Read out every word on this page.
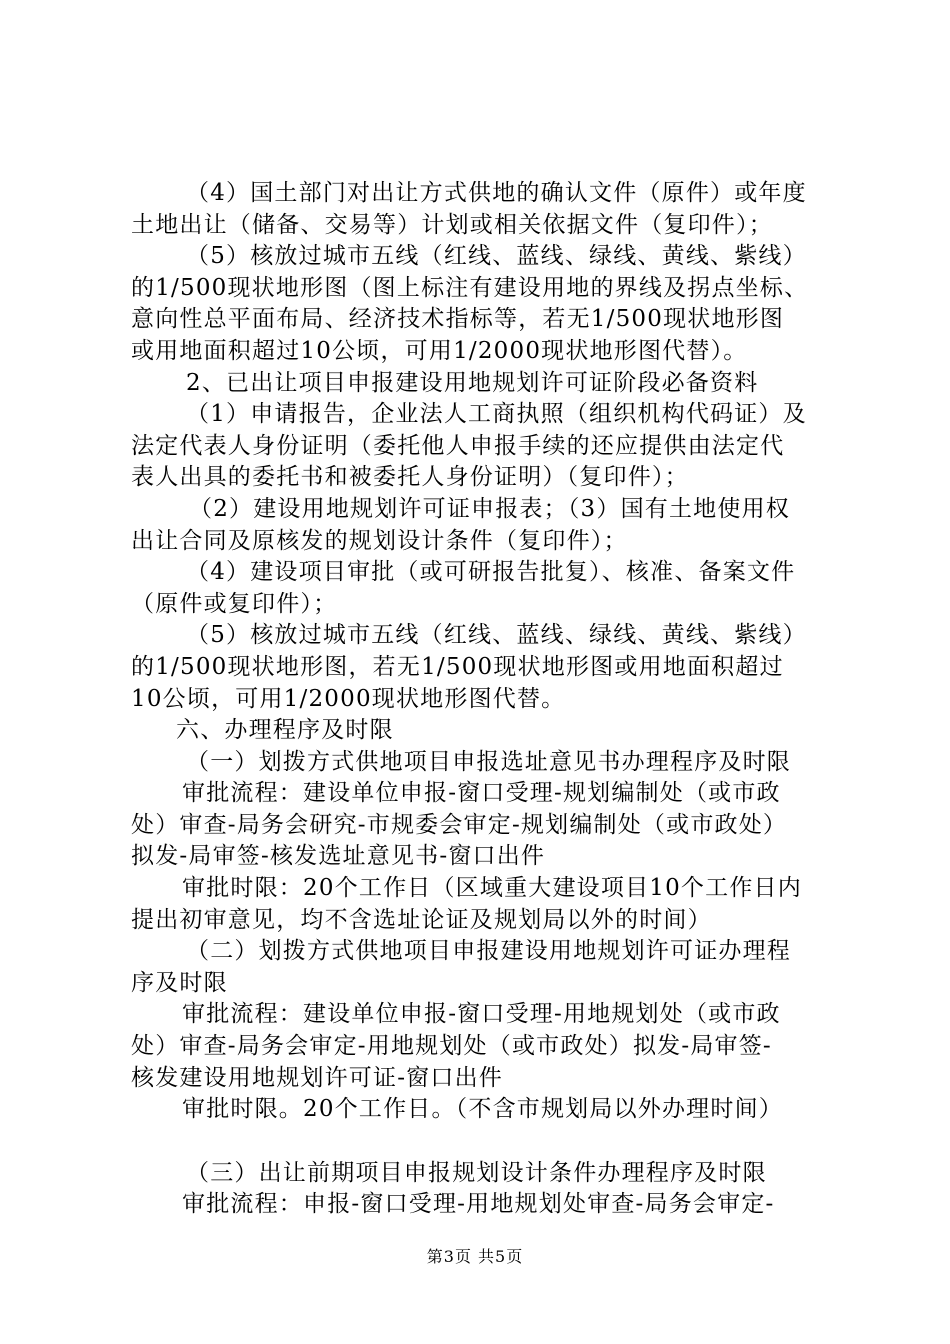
（4）国土部门对出让方式供地的确认文件（原件）或年度
土地出让（储备、交易等）计划或相关依据文件（复印件）；
（5）核放过城市五线（红线、蓝线、绿线、黄线、紫线）
的1/500现状地形图（图上标注有建设用地的界线及拐点坐标、
意向性总平面布局、经济技术指标等，若无1/500现状地形图
或用地面积超过10公顷，可用1/2000现状地形图代替）。
2、已出让项目申报建设用地规划许可证阶段必备资料
（1）申请报告，企业法人工商执照（组织机构代码证）及
法定代表人身份证明（委托他人申报手续的还应提供由法定代
表人出具的委托书和被委托人身份证明）（复印件）；
（2）建设用地规划许可证申报表；（3）国有土地使用权
出让合同及原核发的规划设计条件（复印件）；
（4）建设项目审批（或可研报告批复）、核准、备案文件
（原件或复印件）；
（5）核放过城市五线（红线、蓝线、绿线、黄线、紫线）
的1/500现状地形图，若无1/500现状地形图或用地面积超过
10公顷，可用1/2000现状地形图代替。
六、办理程序及时限
（一）划拨方式供地项目申报选址意见书办理程序及时限
审批流程：建设单位申报-窗口受理-规划编制处（或市政
处）审查-局务会研究-市规委会审定-规划编制处（或市政处）
拟发-局审签-核发选址意见书-窗口出件
审批时限：20个工作日（区域重大建设项目10个工作日内
提出初审意见，均不含选址论证及规划局以外的时间）
（二）划拨方式供地项目申报建设用地规划许可证办理程
序及时限
审批流程：建设单位申报-窗口受理-用地规划处（或市政
处）审查-局务会审定-用地规划处（或市政处）拟发-局审签-
核发建设用地规划许可证-窗口出件
审批时限。20个工作日。（不含市规划局以外办理时间）
（三）出让前期项目申报规划设计条件办理程序及时限
审批流程：申报-窗口受理-用地规划处审查-局务会审定-
第3页 共5页
